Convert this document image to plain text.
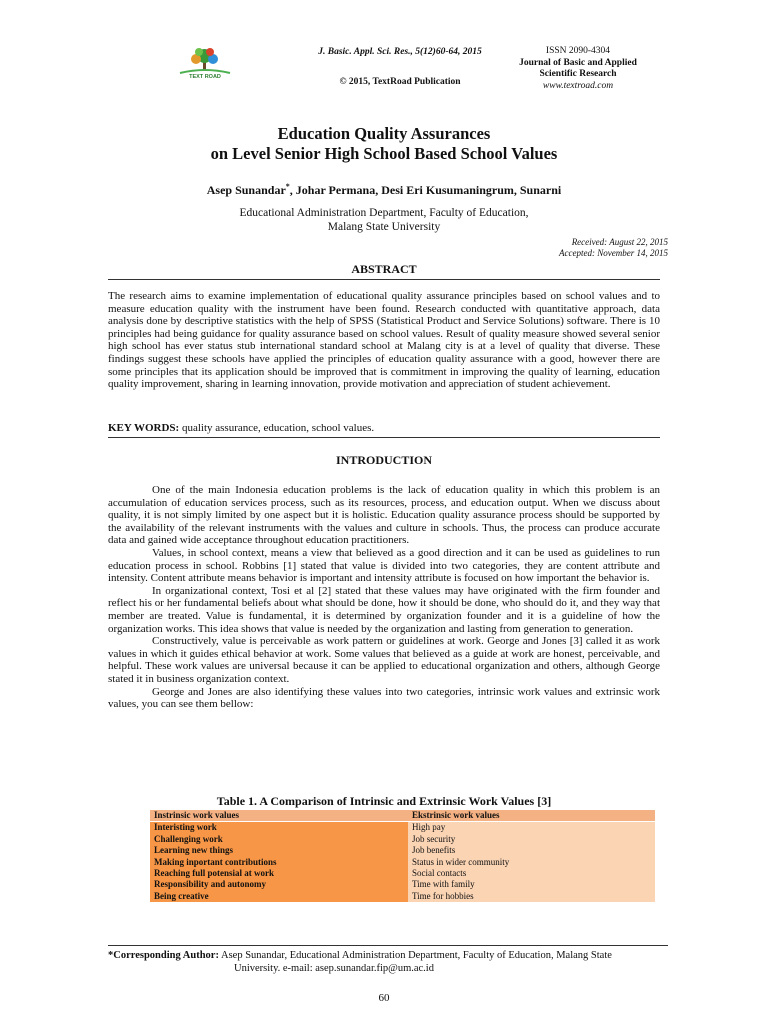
TEXT ROAD
J. Basic. Appl. Sci. Res., 5(12)60-64, 2015
© 2015, TextRoad Publication
ISSN 2090-4304
Journal of Basic and Applied
Scientific Research
www.textroad.com
Education Quality Assurances
on Level Senior High School Based School Values
Asep Sunandar*, Johar Permana, Desi Eri Kusumaningrum, Sunarni
Educational Administration Department, Faculty of Education,
Malang State University
Received: August 22, 2015
Accepted: November 14, 2015
ABSTRACT
The research aims to examine implementation of educational quality assurance principles based on school values and to measure education quality with the instrument have been found. Research conducted with quantitative approach, data analysis done by descriptive statistics with the help of SPSS (Statistical Product and Service Solutions) software. There is 10 principles had being guidance for quality assurance based on school values. Result of quality measure showed several senior high school has ever status stub international standard school at Malang city is at a level of quality that diverse. These findings suggest these schools have applied the principles of education quality assurance with a good, however there are some principles that its application should be improved that is commitment in improving the quality of learning, education quality improvement, sharing in learning innovation, provide motivation and appreciation of student achievement.
KEY WORDS: quality assurance, education, school values.
INTRODUCTION

One of the main Indonesia education problems is the lack of education quality in which this problem is an accumulation of education services process, such as its resources, process, and education output. When we discuss about quality, it is not simply limited by one aspect but it is holistic. Education quality assurance process should be supported by the availability of the relevant instruments with the values and culture in schools. Thus, the process can produce accurate data and gained wide acceptance throughout education practitioners.

Values, in school context, means a view that believed as a good direction and it can be used as guidelines to run education process in school. Robbins [1] stated that value is divided into two categories, they are content attribute and intensity. Content attribute means behavior is important and intensity attribute is focused on how important the behavior is.

In organizational context, Tosi et al [2] stated that these values may have originated with the firm founder and reflect his or her fundamental beliefs about what should be done, how it should be done, who should do it, and they way that member are treated. Value is fundamental, it is determined by organization founder and it is a guideline of how the organization works. This idea shows that value is needed by the organization and lasting from generation to generation.

Constructively, value is perceivable as work pattern or guidelines at work. George and Jones [3] called it as work values in which it guides ethical behavior at work. Some values that believed as a guide at work are honest, perceivable, and helpful. These work values are universal because it can be applied to educational organization and others, although George stated it in business organization context.

George and Jones are also identifying these values into two categories, intrinsic work values and extrinsic work values, you can see them bellow:

Table 1. A Comparison of Intrinsic and Extrinsic Work Values [3]
Instrinsic work values	Ekstrinsic work values
Interisting work	High pay
Challenging work	Job security
Learning new things	Job benefits
Making inportant contributions	Status in wider community
Reaching full potensial at work	Social contacts
Responsibility and autonomy	Time with family
Being creative	Time for hobbies
*Corresponding Author: Asep Sunandar, Educational Administration Department, Faculty of Education, Malang State
University. e-mail: asep.sunandar.fip@um.ac.id
60
